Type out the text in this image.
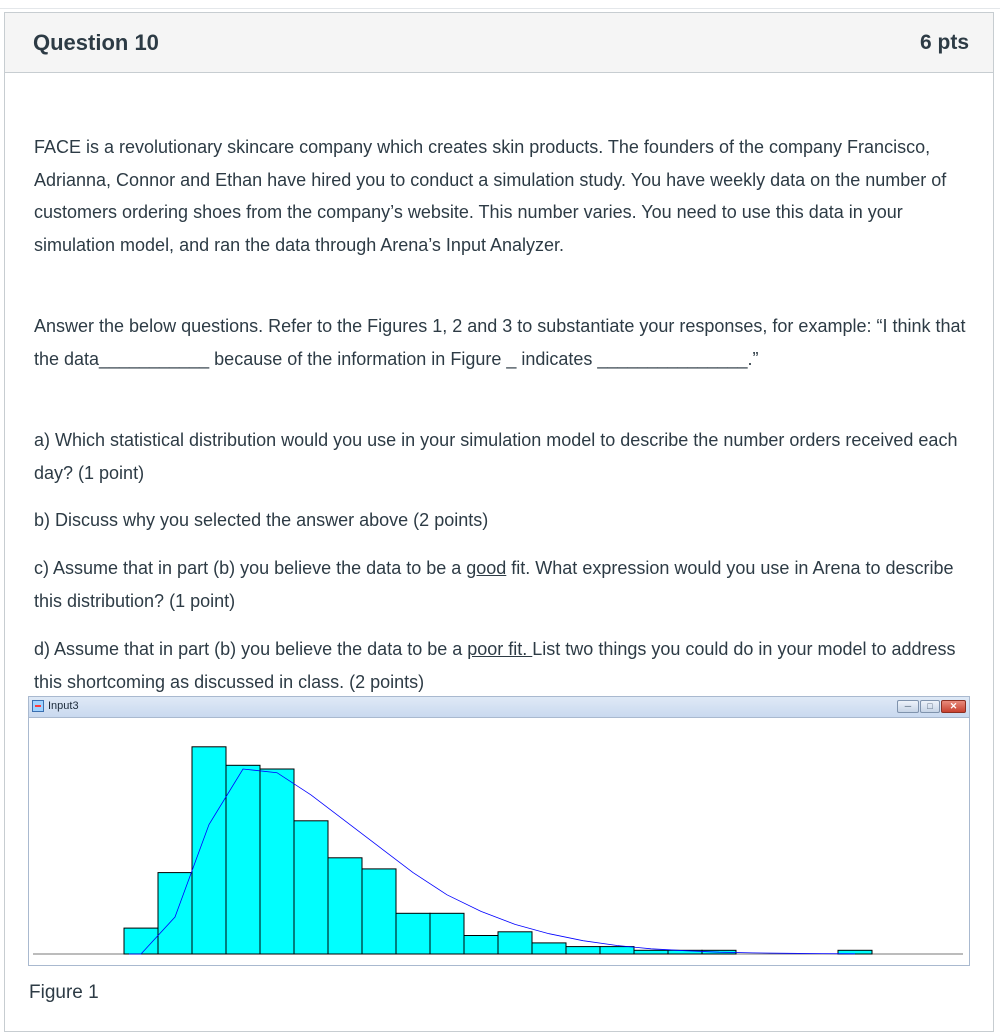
Question 10	6 pts

FACE is a revolutionary skincare company which creates skin products. The founders of the company Francisco, Adrianna, Connor and Ethan have hired you to conduct a simulation study. You have weekly data on the number of customers ordering shoes from the company’s website. This number varies. You need to use this data in your simulation model, and ran the data through Arena’s Input Analyzer.

Answer the below questions. Refer to the Figures 1, 2 and 3 to substantiate your responses, for example: “I think that the data___________ because of the information in Figure _ indicates _______________.”

a) Which statistical distribution would you use in your simulation model to describe the number orders received each day? (1 point)

b) Discuss why you selected the answer above (2 points)

c) Assume that in part (b) you believe the data to be a good fit. What expression would you use in Arena to describe this distribution? (1 point)

d) Assume that in part (b) you believe the data to be a poor fit. List two things you could do in your model to address this shortcoming as discussed in class. (2 points)

Input3	─	□	✕
Figure 1
